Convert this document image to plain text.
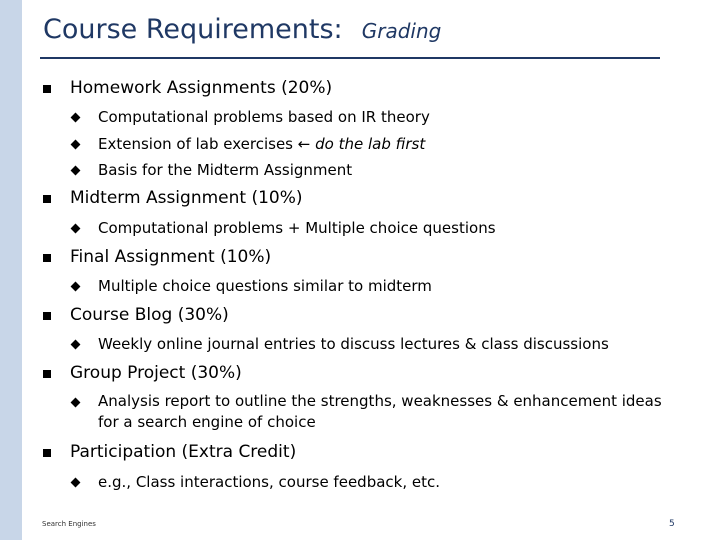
Course Requirements: Grading
Homework Assignments (20%)
Computational problems based on IR theory
Extension of lab exercises ← do the lab first
Basis for the Midterm Assignment
Midterm Assignment (10%)
Computational problems + Multiple choice questions
Final Assignment (10%)
Multiple choice questions similar to midterm
Course Blog (30%)
Weekly online journal entries to discuss lectures & class discussions
Group Project (30%)
Analysis report to outline the strengths, weaknesses & enhancement ideas for a search engine of choice
Participation (Extra Credit)
e.g., Class interactions, course feedback, etc.
Search Engines	5
